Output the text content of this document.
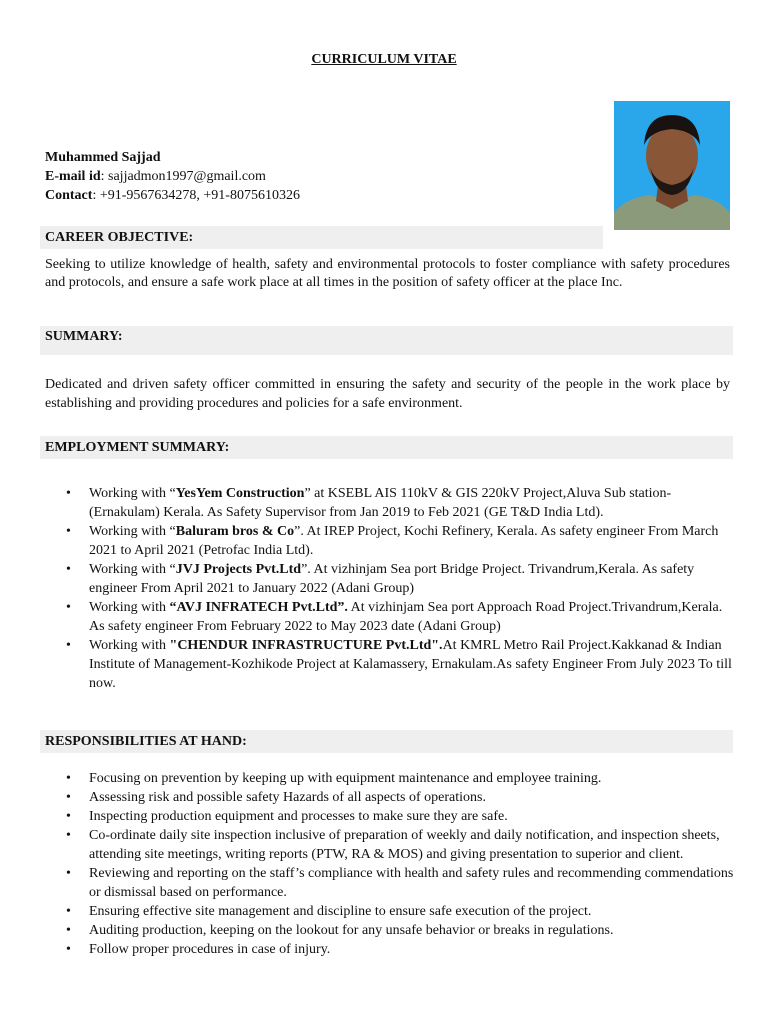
CURRICULUM VITAE
Muhammed Sajjad
E-mail id: sajjadmon1997@gmail.com
Contact: +91-9567634278, +91-8075610326
CAREER OBJECTIVE:
Seeking to utilize knowledge of health, safety and environmental protocols to foster compliance with safety procedures and protocols, and ensure a safe work place at all times in the position of safety officer at the place Inc.
SUMMARY:
Dedicated and driven safety officer committed in ensuring the safety and security of the people in the work place by establishing and providing procedures and policies for a safe environment.
EMPLOYMENT SUMMARY:
• Working with “YesYem Construction” at KSEBL AIS 110kV & GIS 220kV Project,Aluva Sub station-(Ernakulam) Kerala. As Safety Supervisor from Jan 2019 to Feb 2021 (GE T&D India Ltd).
• Working with “Baluram bros & Co”. At IREP Project, Kochi Refinery, Kerala. As safety engineer From March 2021 to April 2021 (Petrofac India Ltd).
• Working with “JVJ Projects Pvt.Ltd”. At vizhinjam Sea port Bridge Project. Trivandrum,Kerala. As safety engineer From April 2021 to January 2022 (Adani Group)
• Working with “AVJ INFRATECH Pvt.Ltd”. At vizhinjam Sea port Approach Road Project.Trivandrum,Kerala. As safety engineer From February 2022 to May 2023 date (Adani Group)
• Working with "CHENDUR INFRASTRUCTURE Pvt.Ltd".At KMRL Metro Rail Project.Kakkanad & Indian Institute of Management-Kozhikode Project at Kalamassery, Ernakulam.As safety Engineer From July 2023 To till now.
RESPONSIBILITIES AT HAND:
• Focusing on prevention by keeping up with equipment maintenance and employee training.
• Assessing risk and possible safety Hazards of all aspects of operations.
• Inspecting production equipment and processes to make sure they are safe.
• Co-ordinate daily site inspection inclusive of preparation of weekly and daily notification, and inspection sheets, attending site meetings, writing reports (PTW, RA & MOS) and giving presentation to superior and client.
• Reviewing and reporting on the staff’s compliance with health and safety rules and recommending commendations or dismissal based on performance.
• Ensuring effective site management and discipline to ensure safe execution of the project.
• Auditing production, keeping on the lookout for any unsafe behavior or breaks in regulations.
• Follow proper procedures in case of injury.
